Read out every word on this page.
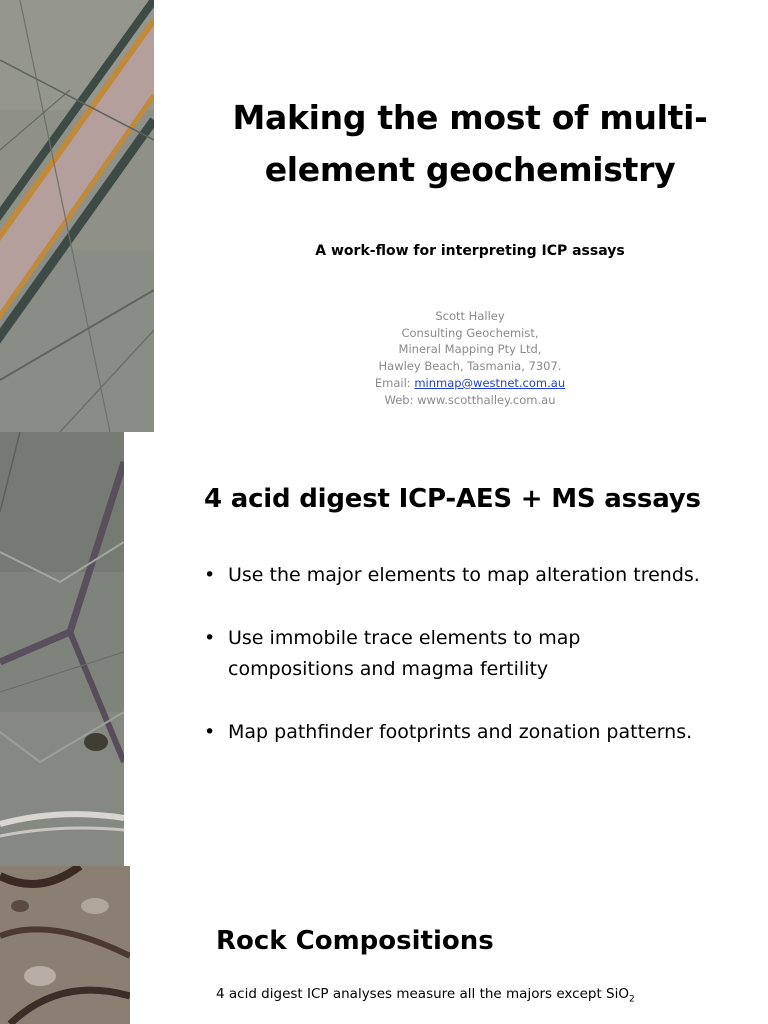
Making the most of multi-element geochemistry
A work-flow for interpreting ICP assays
Scott Halley
Consulting Geochemist,
Mineral Mapping Pty Ltd,
Hawley Beach, Tasmania, 7307.
Email: minmap@westnet.com.au
Web: www.scotthalley.com.au
4 acid digest ICP-AES + MS assays
• Use the major elements to map alteration trends.
• Use immobile trace elements to map compositions and magma fertility
• Map pathfinder footprints and zonation patterns.
Rock Compositions
4 acid digest ICP analyses measure all the majors except SiO$_2$
